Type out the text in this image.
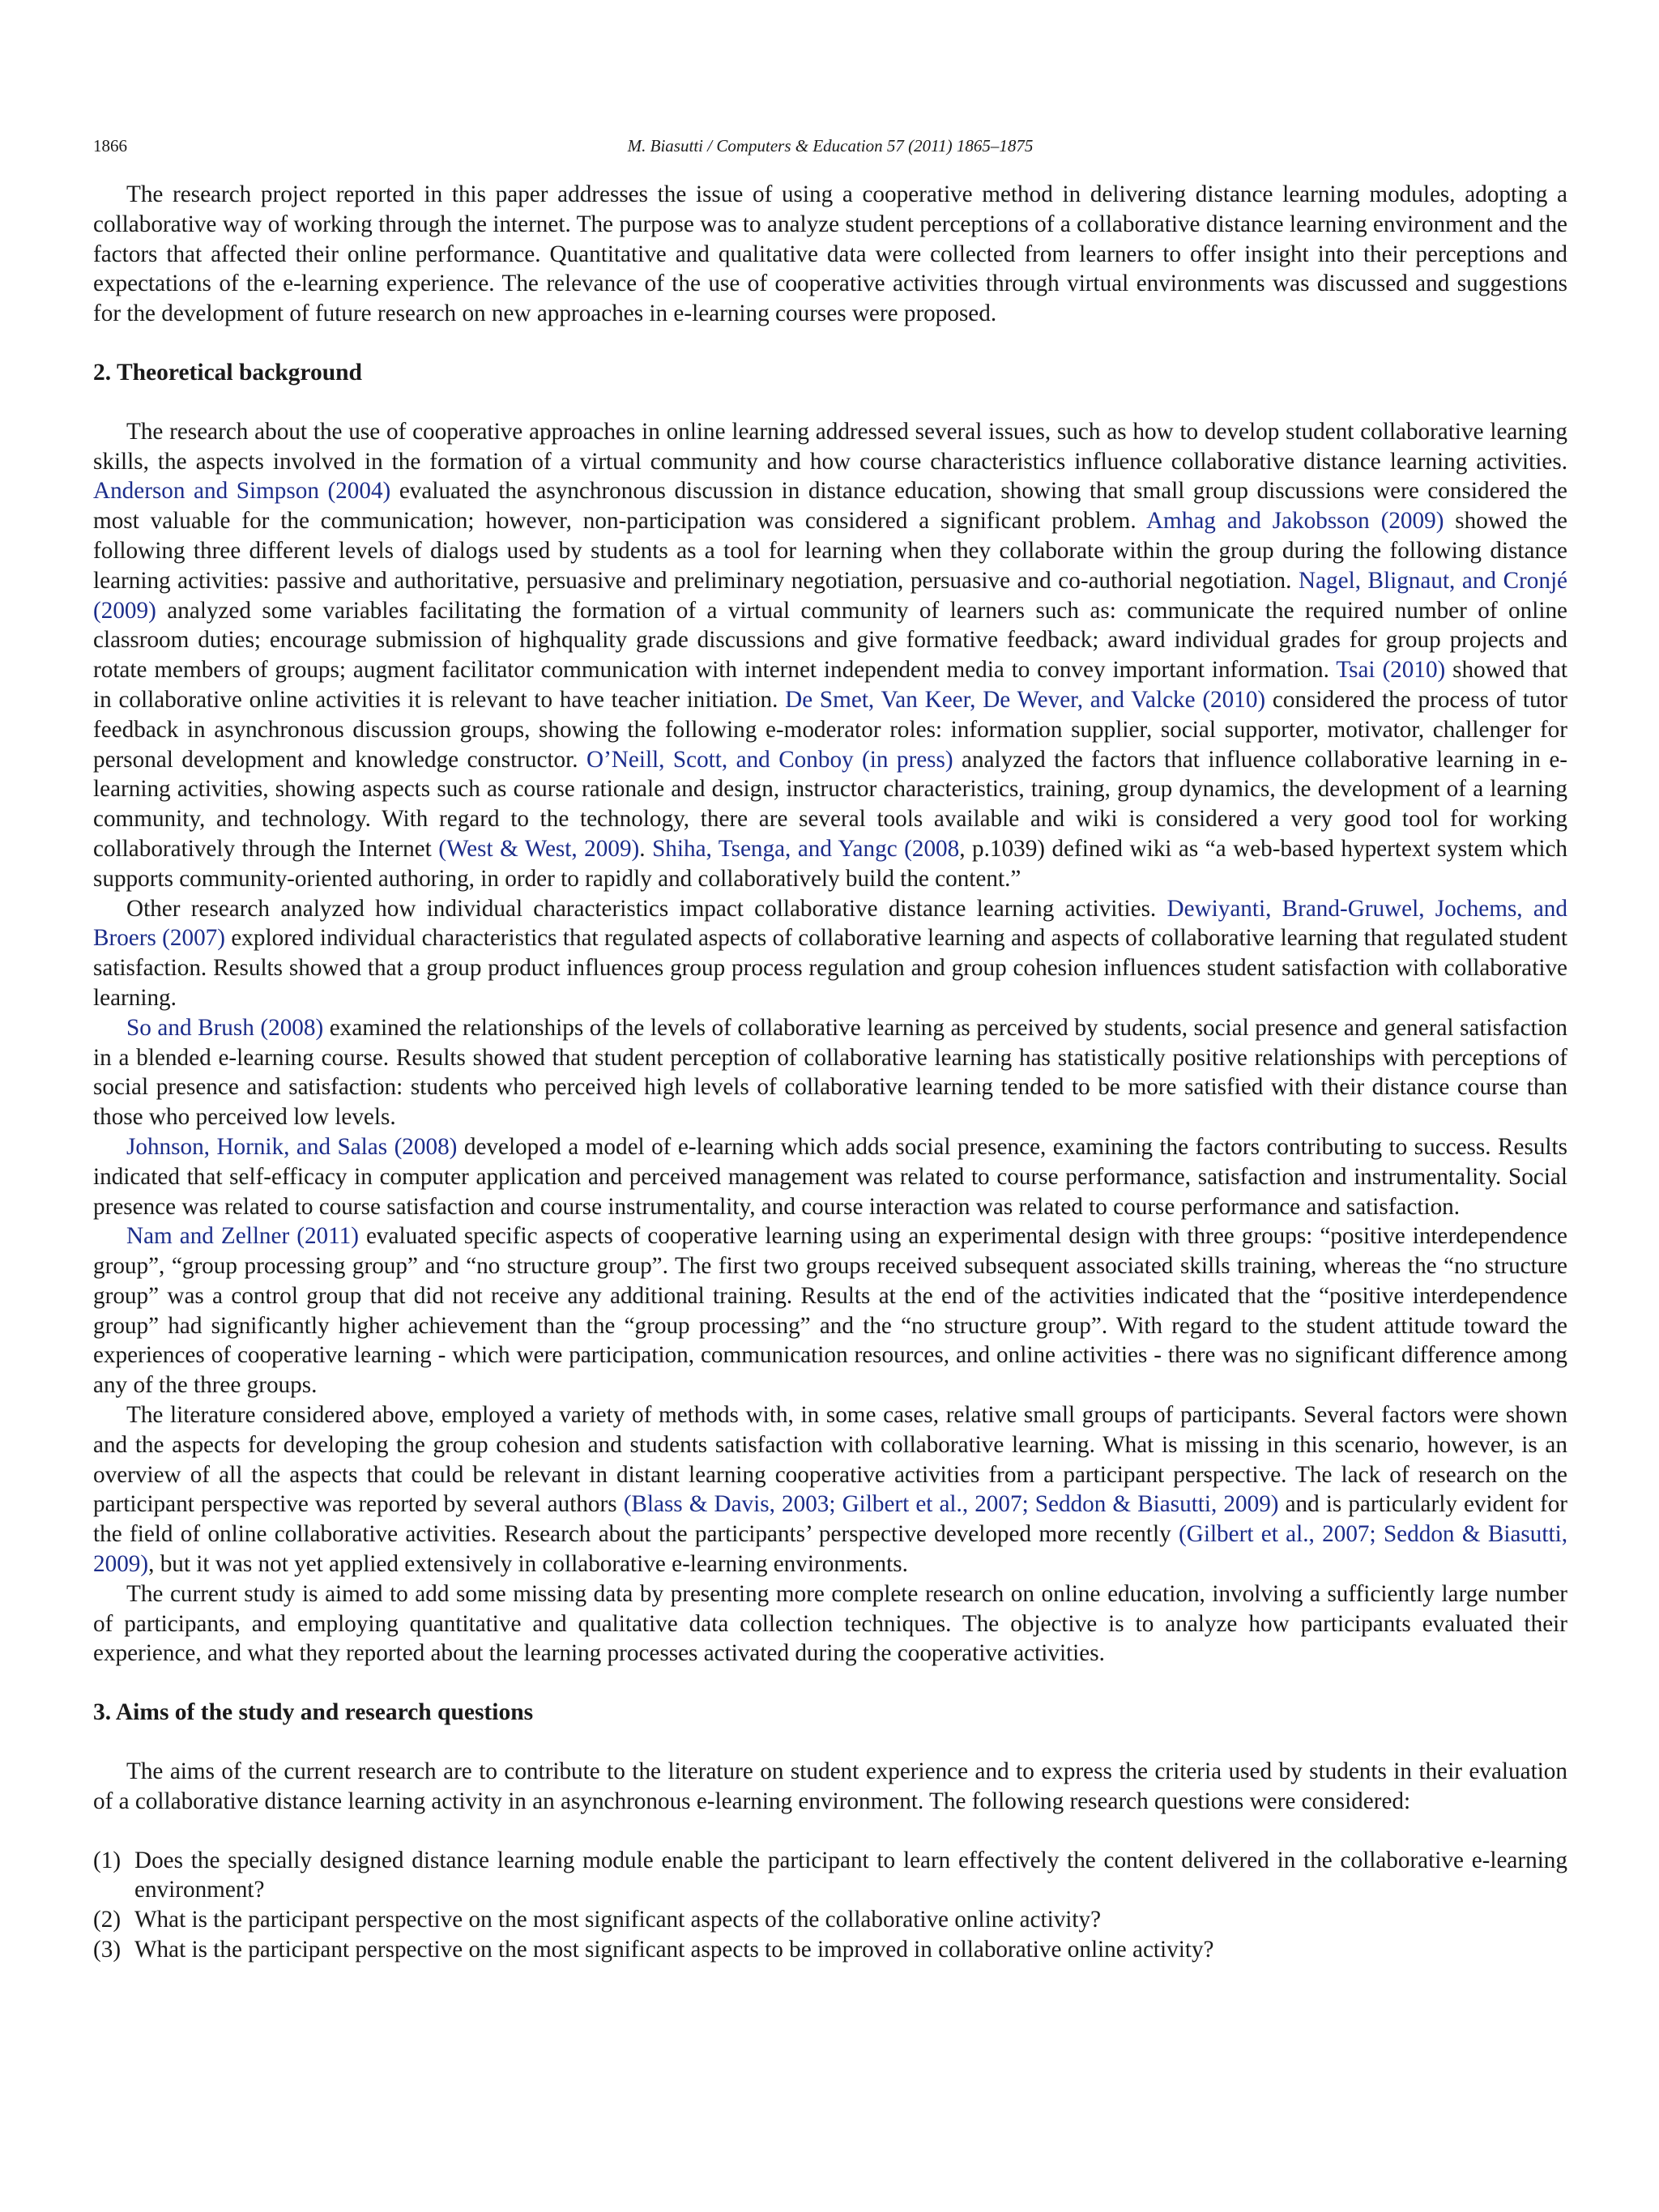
1866	M. Biasutti / Computers & Education 57 (2011) 1865–1875

The research project reported in this paper addresses the issue of using a cooperative method in delivering distance learning modules, adopting a collaborative way of working through the internet. The purpose was to analyze student perceptions of a collaborative distance learning environment and the factors that affected their online performance. Quantitative and qualitative data were collected from learners to offer insight into their perceptions and expectations of the e-learning experience. The relevance of the use of cooperative activities through virtual environments was discussed and suggestions for the development of future research on new approaches in e-learning courses were proposed.

2. Theoretical background

The research about the use of cooperative approaches in online learning addressed several issues, such as how to develop student collaborative learning skills, the aspects involved in the formation of a virtual community and how course characteristics influence collaborative distance learning activities. Anderson and Simpson (2004) evaluated the asynchronous discussion in distance education, showing that small group discussions were considered the most valuable for the communication; however, non-participation was considered a significant problem. Amhag and Jakobsson (2009) showed the following three different levels of dialogs used by students as a tool for learning when they collaborate within the group during the following distance learning activities: passive and authoritative, persuasive and preliminary negotiation, persuasive and co-authorial negotiation. Nagel, Blignaut, and Cronjé (2009) analyzed some variables facilitating the formation of a virtual community of learners such as: communicate the required number of online classroom duties; encourage submission of highquality grade discussions and give formative feedback; award individual grades for group projects and rotate members of groups; augment facilitator communication with internet independent media to convey important information. Tsai (2010) showed that in collaborative online activities it is relevant to have teacher initiation. De Smet, Van Keer, De Wever, and Valcke (2010) considered the process of tutor feedback in asynchronous discussion groups, showing the following e-moderator roles: information supplier, social supporter, motivator, challenger for personal development and knowledge constructor. O’Neill, Scott, and Conboy (in press) analyzed the factors that influence collaborative learning in e-learning activities, showing aspects such as course rationale and design, instructor characteristics, training, group dynamics, the development of a learning community, and technology. With regard to the technology, there are several tools available and wiki is considered a very good tool for working collaboratively through the Internet (West & West, 2009). Shiha, Tsenga, and Yangc (2008, p.1039) defined wiki as “a web-based hypertext system which supports community-oriented authoring, in order to rapidly and collaboratively build the content.”

Other research analyzed how individual characteristics impact collaborative distance learning activities. Dewiyanti, Brand-Gruwel, Jochems, and Broers (2007) explored individual characteristics that regulated aspects of collaborative learning and aspects of collaborative learning that regulated student satisfaction. Results showed that a group product influences group process regulation and group cohesion influences student satisfaction with collaborative learning.

So and Brush (2008) examined the relationships of the levels of collaborative learning as perceived by students, social presence and general satisfaction in a blended e-learning course. Results showed that student perception of collaborative learning has statistically positive relationships with perceptions of social presence and satisfaction: students who perceived high levels of collaborative learning tended to be more satisfied with their distance course than those who perceived low levels.

Johnson, Hornik, and Salas (2008) developed a model of e-learning which adds social presence, examining the factors contributing to success. Results indicated that self-efficacy in computer application and perceived management was related to course performance, satisfaction and instrumentality. Social presence was related to course satisfaction and course instrumentality, and course interaction was related to course performance and satisfaction.

Nam and Zellner (2011) evaluated specific aspects of cooperative learning using an experimental design with three groups: “positive interdependence group”, “group processing group” and “no structure group”. The first two groups received subsequent associated skills training, whereas the “no structure group” was a control group that did not receive any additional training. Results at the end of the activities indicated that the “positive interdependence group” had significantly higher achievement than the “group processing” and the “no structure group”. With regard to the student attitude toward the experiences of cooperative learning - which were participation, communication resources, and online activities - there was no significant difference among any of the three groups.

The literature considered above, employed a variety of methods with, in some cases, relative small groups of participants. Several factors were shown and the aspects for developing the group cohesion and students satisfaction with collaborative learning. What is missing in this scenario, however, is an overview of all the aspects that could be relevant in distant learning cooperative activities from a participant perspective. The lack of research on the participant perspective was reported by several authors (Blass & Davis, 2003; Gilbert et al., 2007; Seddon & Biasutti, 2009) and is particularly evident for the field of online collaborative activities. Research about the participants’ perspective developed more recently (Gilbert et al., 2007; Seddon & Biasutti, 2009), but it was not yet applied extensively in collaborative e-learning environments.

The current study is aimed to add some missing data by presenting more complete research on online education, involving a sufficiently large number of participants, and employing quantitative and qualitative data collection techniques. The objective is to analyze how participants evaluated their experience, and what they reported about the learning processes activated during the cooperative activities.

3. Aims of the study and research questions

The aims of the current research are to contribute to the literature on student experience and to express the criteria used by students in their evaluation of a collaborative distance learning activity in an asynchronous e-learning environment. The following research questions were considered:

(1) Does the specially designed distance learning module enable the participant to learn effectively the content delivered in the collaborative e-learning environment?
(2) What is the participant perspective on the most significant aspects of the collaborative online activity?
(3) What is the participant perspective on the most significant aspects to be improved in collaborative online activity?
